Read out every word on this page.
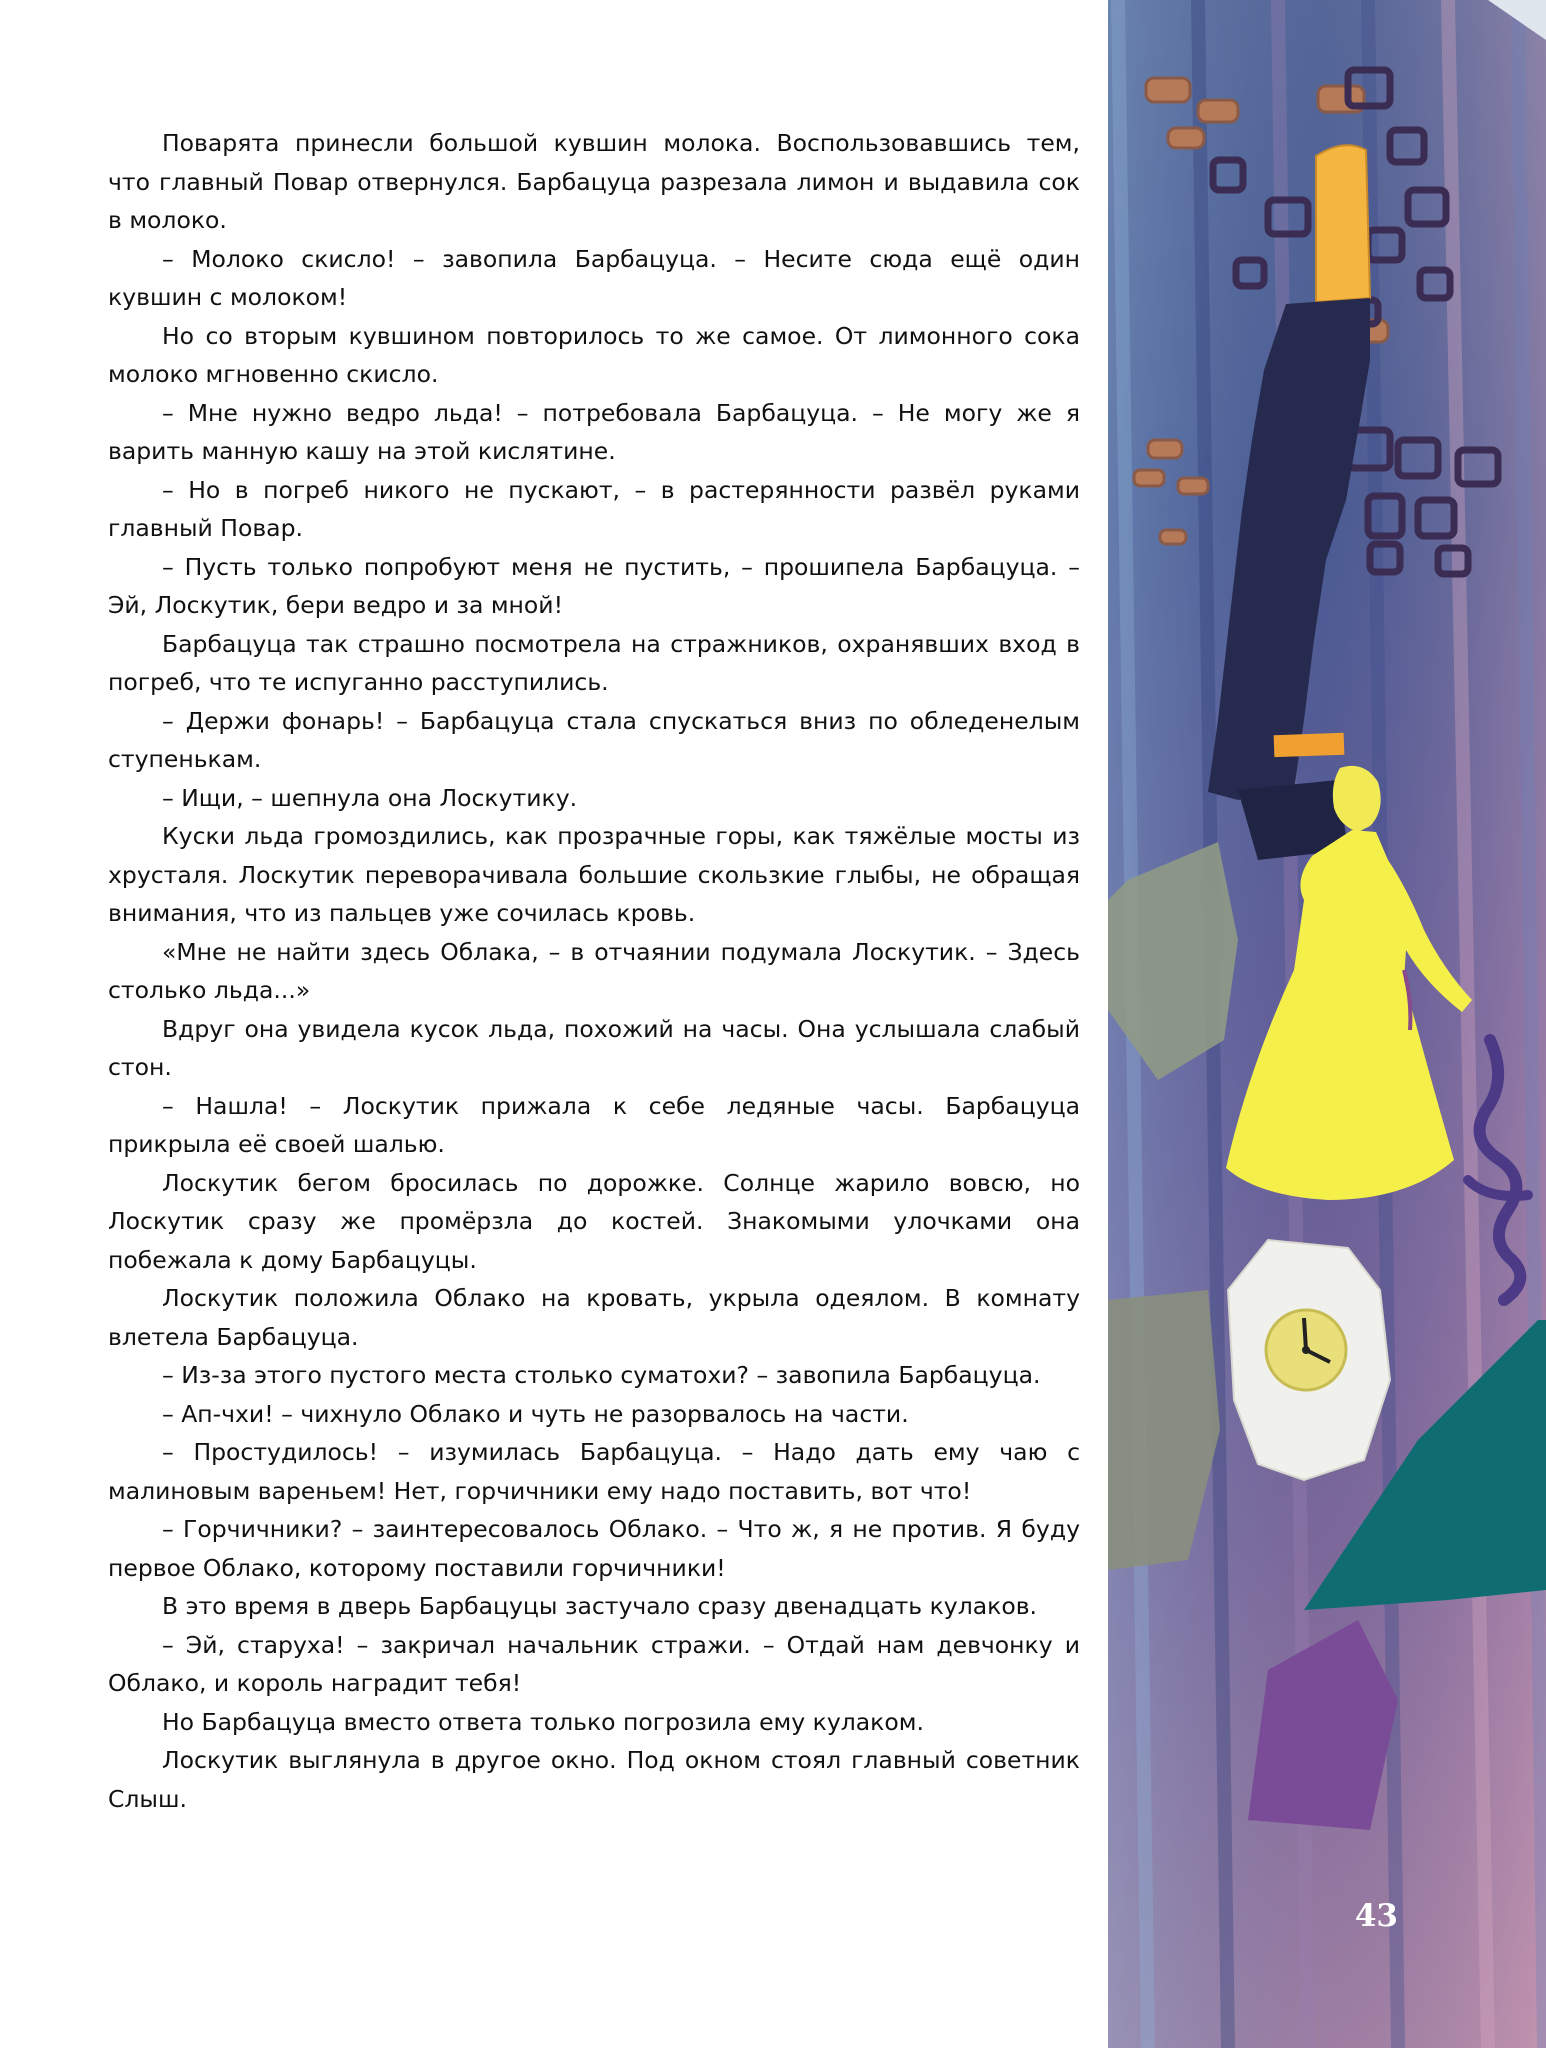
Поварята принесли большой кувшин молока. Воспользовавшись тем, что главный Повар отвернулся. Барбацуца разрезала лимон и выдавила сок в молоко.

– Молоко скисло! – завопила Барбацуца. – Несите сюда ещё один кувшин с молоком!

Но со вторым кувшином повторилось то же самое. От лимонного сока молоко мгновенно скисло.

– Мне нужно ведро льда! – потребовала Барбацуца. – Не могу же я варить манную кашу на этой кислятине.

– Но в погреб никого не пускают, – в растерянности развёл руками главный Повар.

– Пусть только попробуют меня не пустить, – прошипела Барбацуца. – Эй, Лоскутик, бери ведро и за мной!

Барбацуца так страшно посмотрела на стражников, охранявших вход в погреб, что те испуганно расступились.

– Держи фонарь! – Барбацуца стала спускаться вниз по обледенелым ступенькам.

– Ищи, – шепнула она Лоскутику.

Куски льда громоздились, как прозрачные горы, как тяжёлые мосты из хрусталя. Лоскутик переворачивала большие скользкие глыбы, не обращая внимания, что из пальцев уже сочилась кровь.

«Мне не найти здесь Облака, – в отчаянии подумала Лоскутик. – Здесь столько льда...»

Вдруг она увидела кусок льда, похожий на часы. Она услышала слабый стон.

– Нашла! – Лоскутик прижала к себе ледяные часы. Барбацуца прикрыла её своей шалью.

Лоскутик бегом бросилась по дорожке. Солнце жарило вовсю, но Лоскутик сразу же промёрзла до костей. Знакомыми улочками она побежала к дому Барбацуцы.

Лоскутик положила Облако на кровать, укрыла одеялом. В комнату влетела Барбацуца.

– Из-за этого пустого места столько суматохи? – завопила Барбацуца.

– Ап-чхи! – чихнуло Облако и чуть не разорвалось на части.

– Простудилось! – изумилась Барбацуца. – Надо дать ему чаю с малиновым вареньем! Нет, горчичники ему надо поставить, вот что!

– Горчичники? – заинтересовалось Облако. – Что ж, я не против. Я буду первое Облако, которому поставили горчичники!

В это время в дверь Барбацуцы застучало сразу двенадцать кулаков.

– Эй, старуха! – закричал начальник стражи. – Отдай нам девчонку и Облако, и король наградит тебя!

Но Барбацуца вместо ответа только погрозила ему кулаком.

Лоскутик выглянула в другое окно. Под окном стоял главный советник Слыш.

43
